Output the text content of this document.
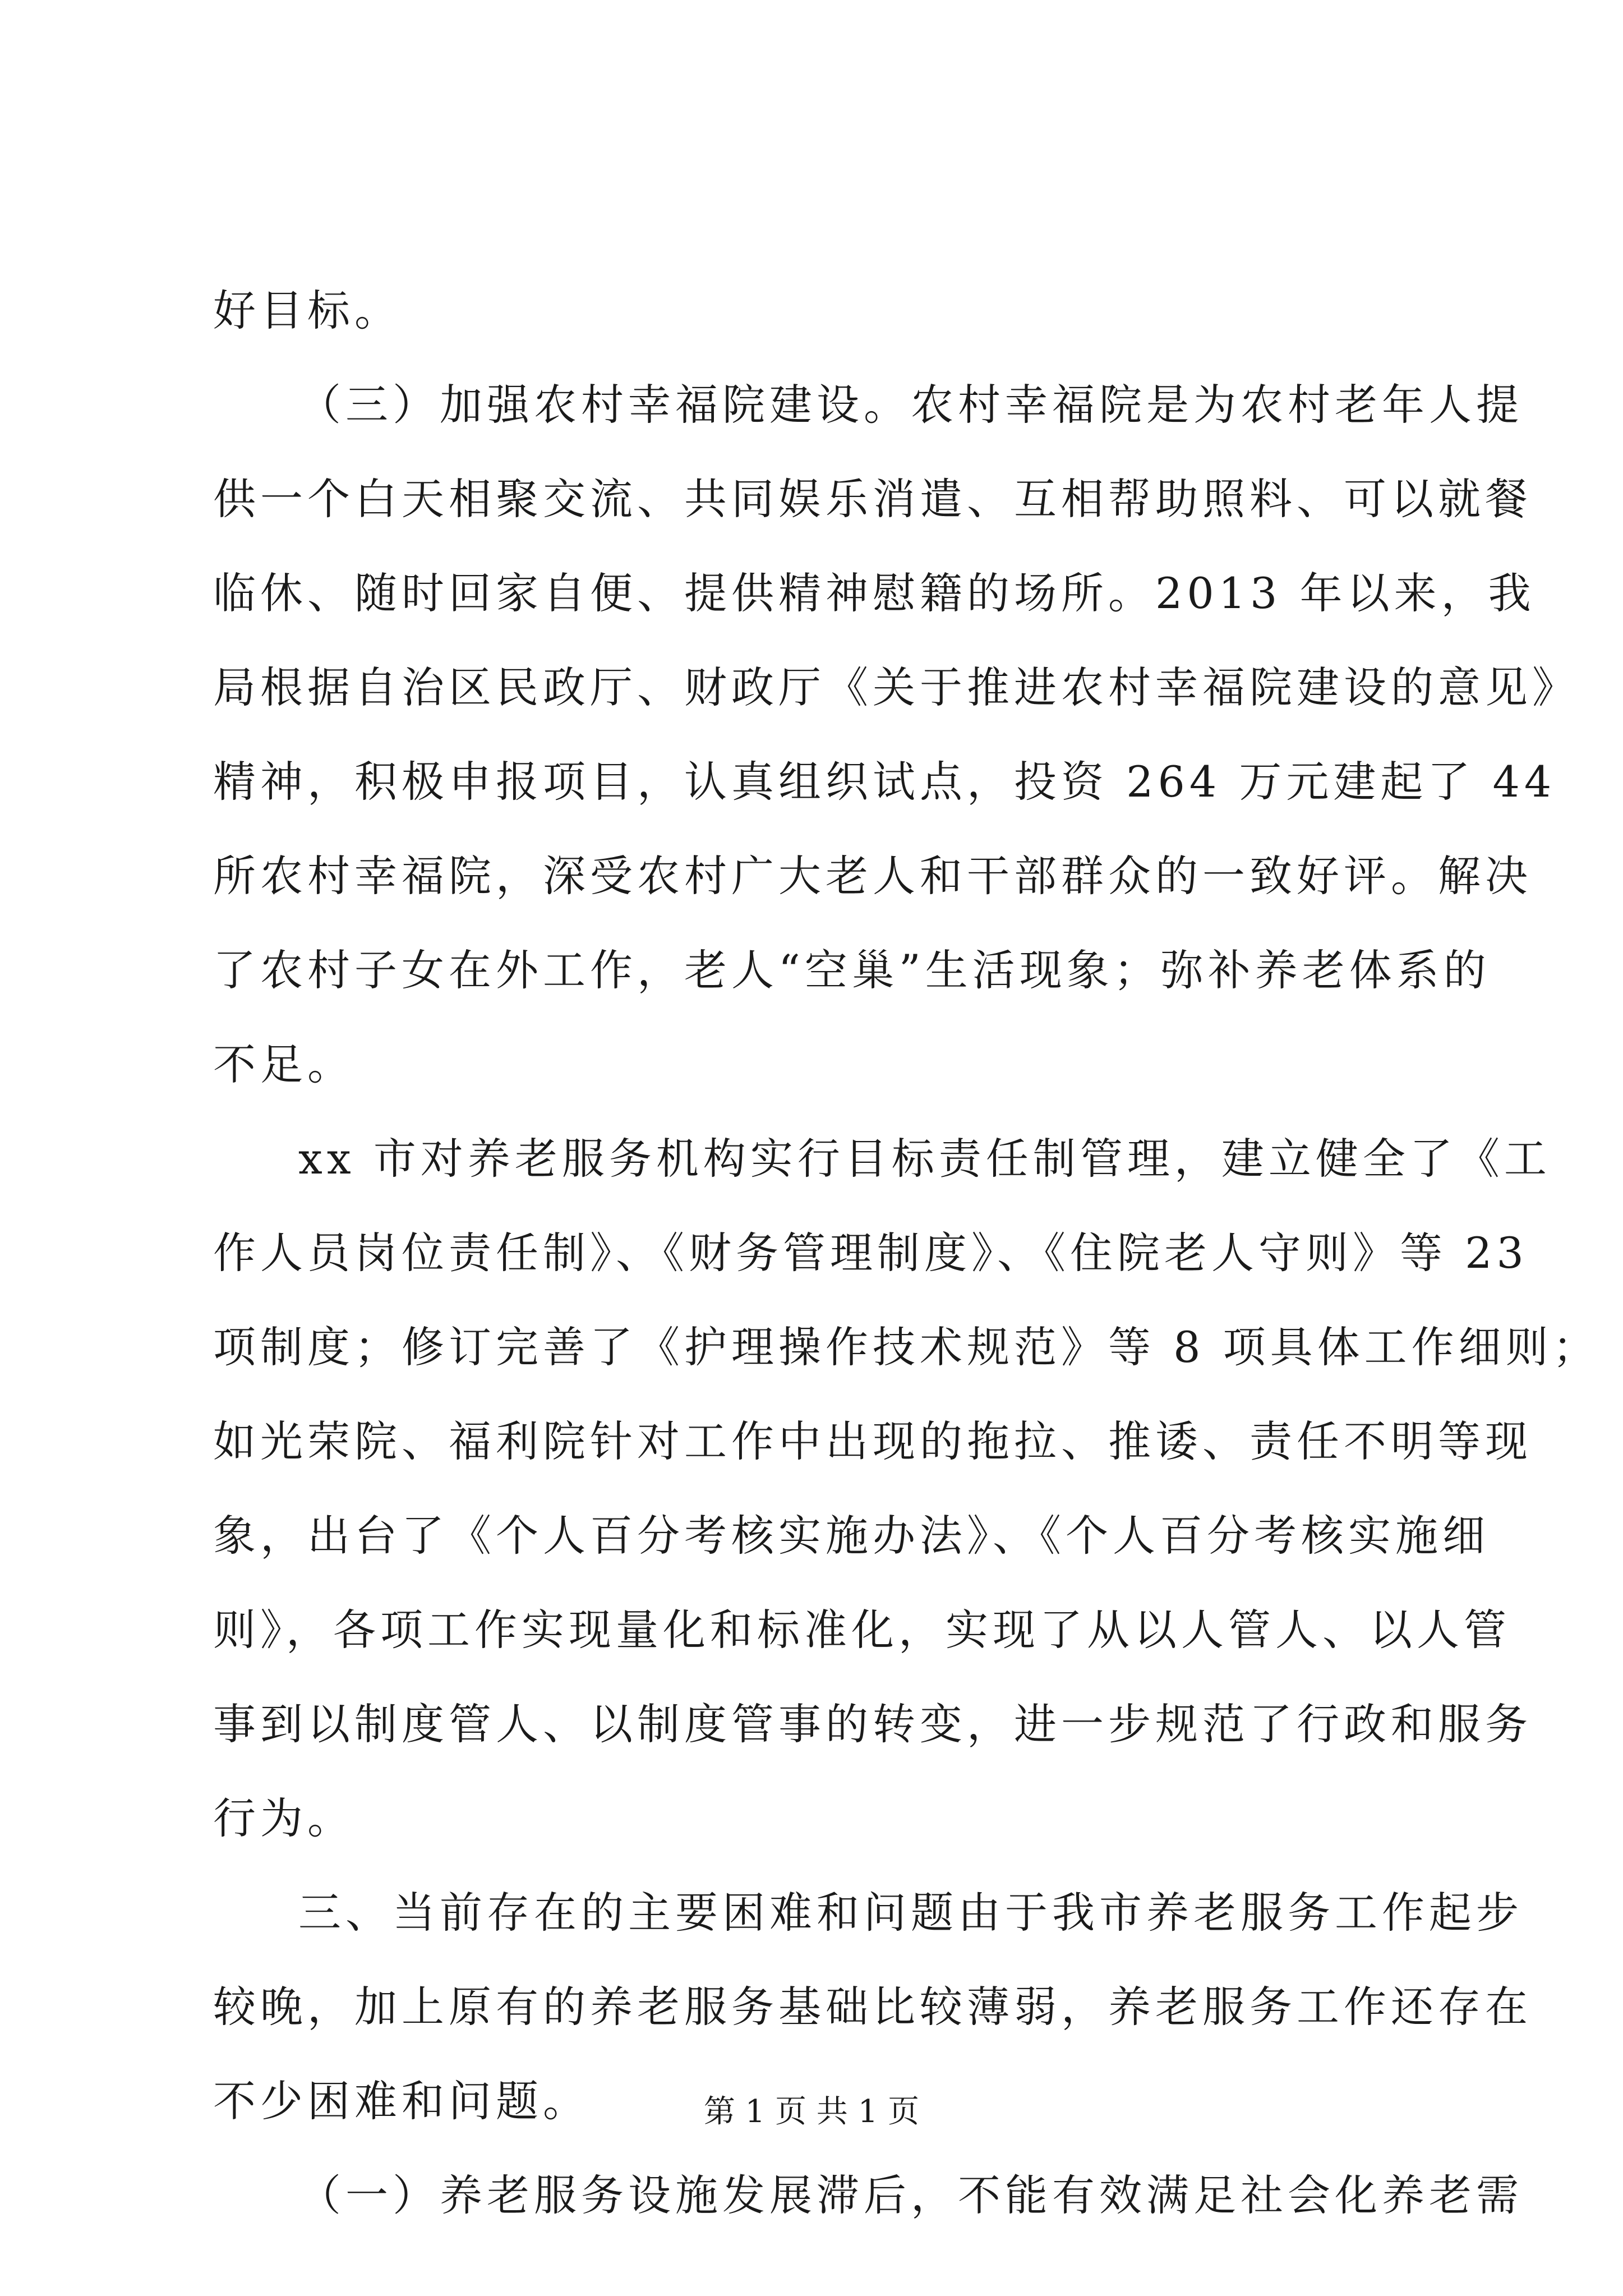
好目标。
（三）加强农村幸福院建设。农村幸福院是为农村老年人提
供一个白天相聚交流、共同娱乐消遣、互相帮助照料、可以就餐
临休、随时回家自便、提供精神慰籍的场所。2013 年以来，我
局根据自治区民政厅、财政厅《关于推进农村幸福院建设的意见》
精神，积极申报项目，认真组织试点，投资 264 万元建起了 44
所农村幸福院，深受农村广大老人和干部群众的一致好评。解决
了农村子女在外工作，老人“空巢”生活现象；弥补养老体系的
不足。
xx 市对养老服务机构实行目标责任制管理，建立健全了《工
作人员岗位责任制》、《财务管理制度》、《住院老人守则》等 23
项制度；修订完善了《护理操作技术规范》等 8 项具体工作细则；
如光荣院、福利院针对工作中出现的拖拉、推诿、责任不明等现
象，出台了《个人百分考核实施办法》、《个人百分考核实施细
则》，各项工作实现量化和标准化，实现了从以人管人、以人管
事到以制度管人、以制度管事的转变，进一步规范了行政和服务
行为。
三、当前存在的主要困难和问题由于我市养老服务工作起步
较晚，加上原有的养老服务基础比较薄弱，养老服务工作还存在
不少困难和问题。
（一）养老服务设施发展滞后，不能有效满足社会化养老需
第 1 页 共 1 页
